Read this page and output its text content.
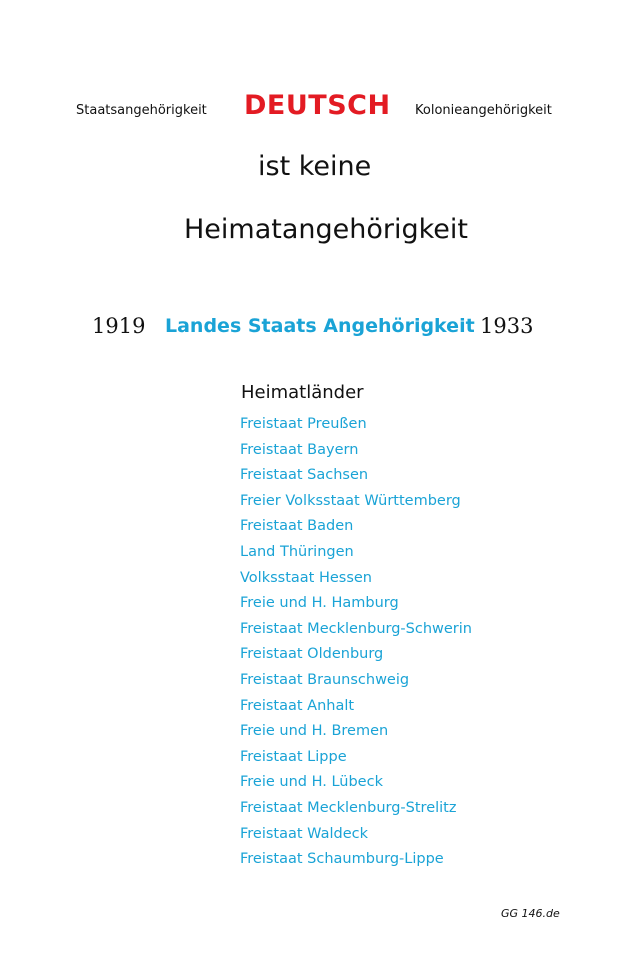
Staatsangehörigkeit DEUTSCH Kolonieangehörigkeit
ist keine
Heimatangehörigkeit
1919 Landes Staats Angehörigkeit 1933
Heimatländer
Freistaat Preußen
Freistaat Bayern
Freistaat Sachsen
Freier Volksstaat Württemberg
Freistaat Baden
Land Thüringen
Volksstaat Hessen
Freie und H. Hamburg
Freistaat Mecklenburg-Schwerin
Freistaat Oldenburg
Freistaat Braunschweig
Freistaat Anhalt
Freie und H. Bremen
Freistaat Lippe
Freie und H. Lübeck
Freistaat Mecklenburg-Strelitz
Freistaat Waldeck
Freistaat Schaumburg-Lippe
GG 146.de
